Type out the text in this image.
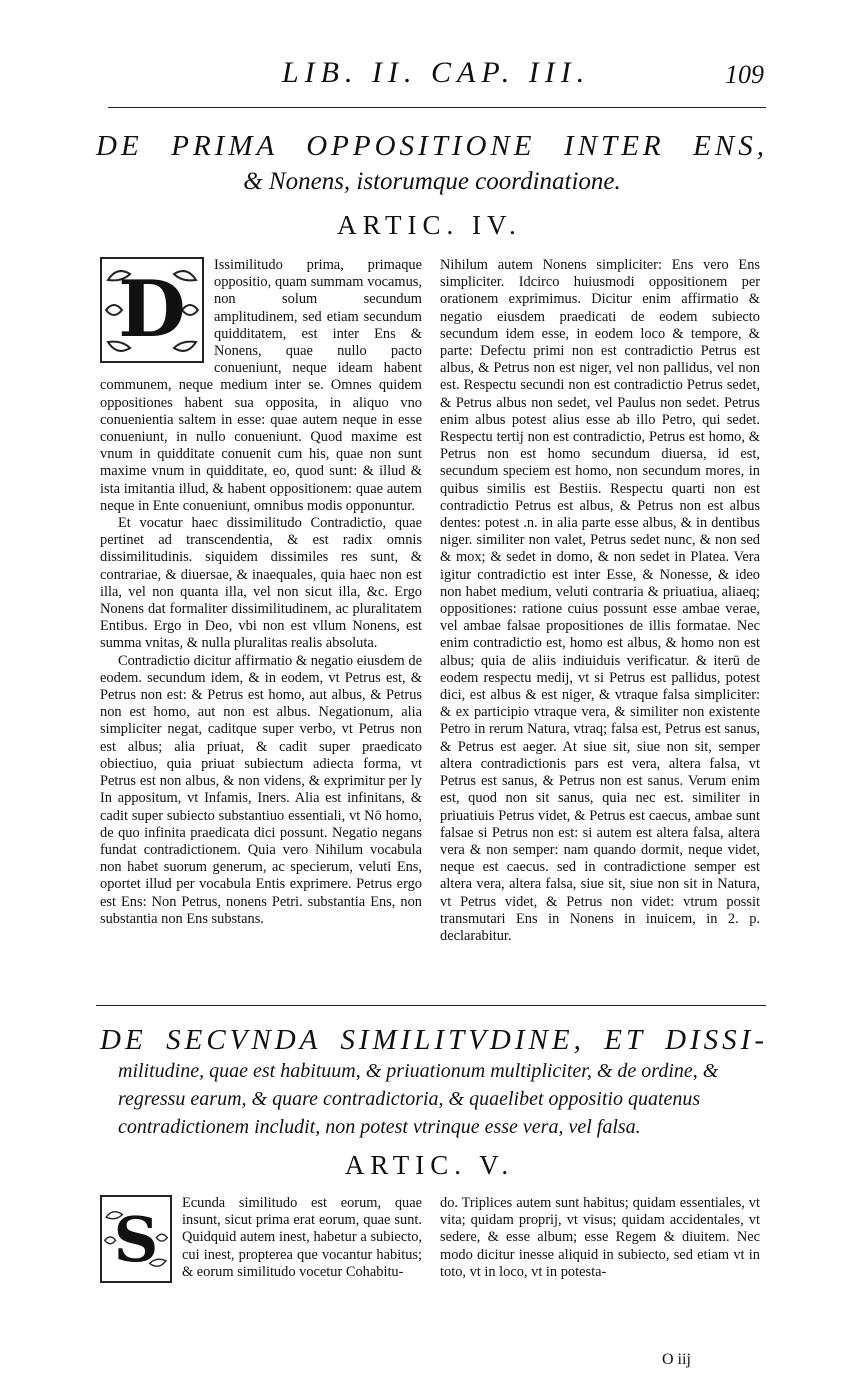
LIB. II. CAP. III.	109
DE PRIMA OPPOSITIONE INTER ENS,
& Nonens, istorumque coordinatione.
ARTIC. IV.
D	Issimilitudo prima, primaque oppositio, quam summam vocamus, non solum secundum amplitudinem, sed etiam secundum quidditatem, est inter Ens & Nonens, quae nullo pacto conueniunt, neque ideam habent communem, neque medium inter se. Omnes quidem oppositiones habent sua opposita, in aliquo vno conuenientia saltem in esse: quae autem neque in esse conueniunt, in nullo conueniunt. Quod maxime est vnum in quidditate conuenit cum his, quae non sunt maxime vnum in quidditate, eo, quod sunt: & illud & ista imitantia illud, & habent oppositionem: quae autem neque in Ente conueniunt, omnibus modis opponuntur.

Et vocatur haec dissimilitudo Contradictio, quae pertinet ad transcendentia, & est radix omnis dissimilitudinis. siquidem dissimiles res sunt, & contrariae, & diuersae, & inaequales, quia haec non est illa, vel non quanta illa, vel non sicut illa, &c. Ergo Nonens dat formaliter dissimilitudinem, ac pluralitatem Entibus. Ergo in Deo, vbi non est vllum Nonens, est summa vnitas, & nulla pluralitas realis absoluta.

Contradictio dicitur affirmatio & negatio eiusdem de eodem. secundum idem, & in eodem, vt Petrus est, & Petrus non est: & Petrus est homo, aut albus, & Petrus non est homo, aut non est albus. Negationum, alia simpliciter negat, caditque super verbo, vt Petrus non est albus; alia priuat, & cadit super praedicato obiectiuo, quia priuat subiectum adiecta forma, vt Petrus est non albus, & non videns, & exprimitur per ly In appositum, vt Infamis, Iners. Alia est infinitans, & cadit super subiecto substantiuo essentiali, vt Nō homo, de quo infinita praedicata dici possunt. Negatio negans fundat contradictionem. Quia vero Nihilum vocabula non habet suorum generum, ac specierum, veluti Ens, oportet illud per vocabula Entis exprimere. Petrus ergo est Ens: Non Petrus, nonens Petri. substantia Ens, non substantia non Ens substans.

Nihilum autem Nonens simpliciter: Ens vero Ens simpliciter. Idcirco huiusmodi oppositionem per orationem exprimimus. Dicitur enim affirmatio & negatio eiusdem praedicati de eodem subiecto secundum idem esse, in eodem loco & tempore, & parte: Defectu primi non est contradictio Petrus est albus, & Petrus non est niger, vel non pallidus, vel non est. Respectu secundi non est contradictio Petrus sedet, & Petrus albus non sedet, vel Paulus non sedet. Petrus enim albus potest alius esse ab illo Petro, qui sedet. Respectu tertij non est contradictio, Petrus est homo, & Petrus non est homo secundum diuersa, id est, secundum speciem est homo, non secundum mores, in quibus similis est Bestiis. Respectu quarti non est contradictio Petrus est albus, & Petrus non est albus dentes: potest .n. in alia parte esse albus, & in dentibus niger. similiter non valet, Petrus sedet nunc, & non sed & mox; & sedet in domo, & non sedet in Platea. Vera igitur contradictio est inter Esse, & Nonesse, & ideo non habet medium, veluti contraria & priuatiua, aliaeq; oppositiones: ratione cuius possunt esse ambae verae, vel ambae falsae propositiones de illis formatae. Nec enim contradictio est, homo est albus, & homo non est albus; quia de aliis indiuiduis verificatur. & iterū de eodem respectu medij, vt si Petrus est pallidus, potest dici, est albus & est niger, & vtraque falsa simpliciter: & ex participio vtraque vera, & similiter non existente Petro in rerum Natura, vtraq; falsa est, Petrus est sanus, & Petrus est aeger. At siue sit, siue non sit, semper altera contradictionis pars est vera, altera falsa, vt Petrus est sanus, & Petrus non est sanus. Verum enim est, quod non sit sanus, quia nec est. similiter in priuatiuis Petrus videt, & Petrus est caecus, ambae sunt falsae si Petrus non est: si autem est altera falsa, altera vera & non semper: nam quando dormit, neque videt, neque est caecus. sed in contradictione semper est altera vera, altera falsa, siue sit, siue non sit in Natura, vt Petrus videt, & Petrus non videt: vtrum possit transmutari Ens in Nonens in inuicem, in 2. p. declarabitur.

DE SECVNDA SIMILITVDINE, ET DISSI-
militudine, quae est habituum, & priuationum multipliciter, & de ordine, & regressu earum, & quare contradictoria, & quaelibet oppositio quatenus contradictionem includit, non potest vtrinque esse vera, vel falsa.
ARTIC. V.
S	Ecunda similitudo est eorum, quae insunt, sicut prima erat eorum, quae sunt. Quidquid autem inest, habetur a subiecto, cui inest, propterea que vocantur habitus; & eorum similitudo vocetur Cohabitu-

do. Triplices autem sunt habitus; quidam essentiales, vt vita; quidam proprij, vt visus; quidam accidentales, vt sedere, & esse album; esse Regem & diuitem. Nec modo dicitur inesse aliquid in subiecto, sed etiam vt in toto, vt in loco, vt in potesta-

O iij
